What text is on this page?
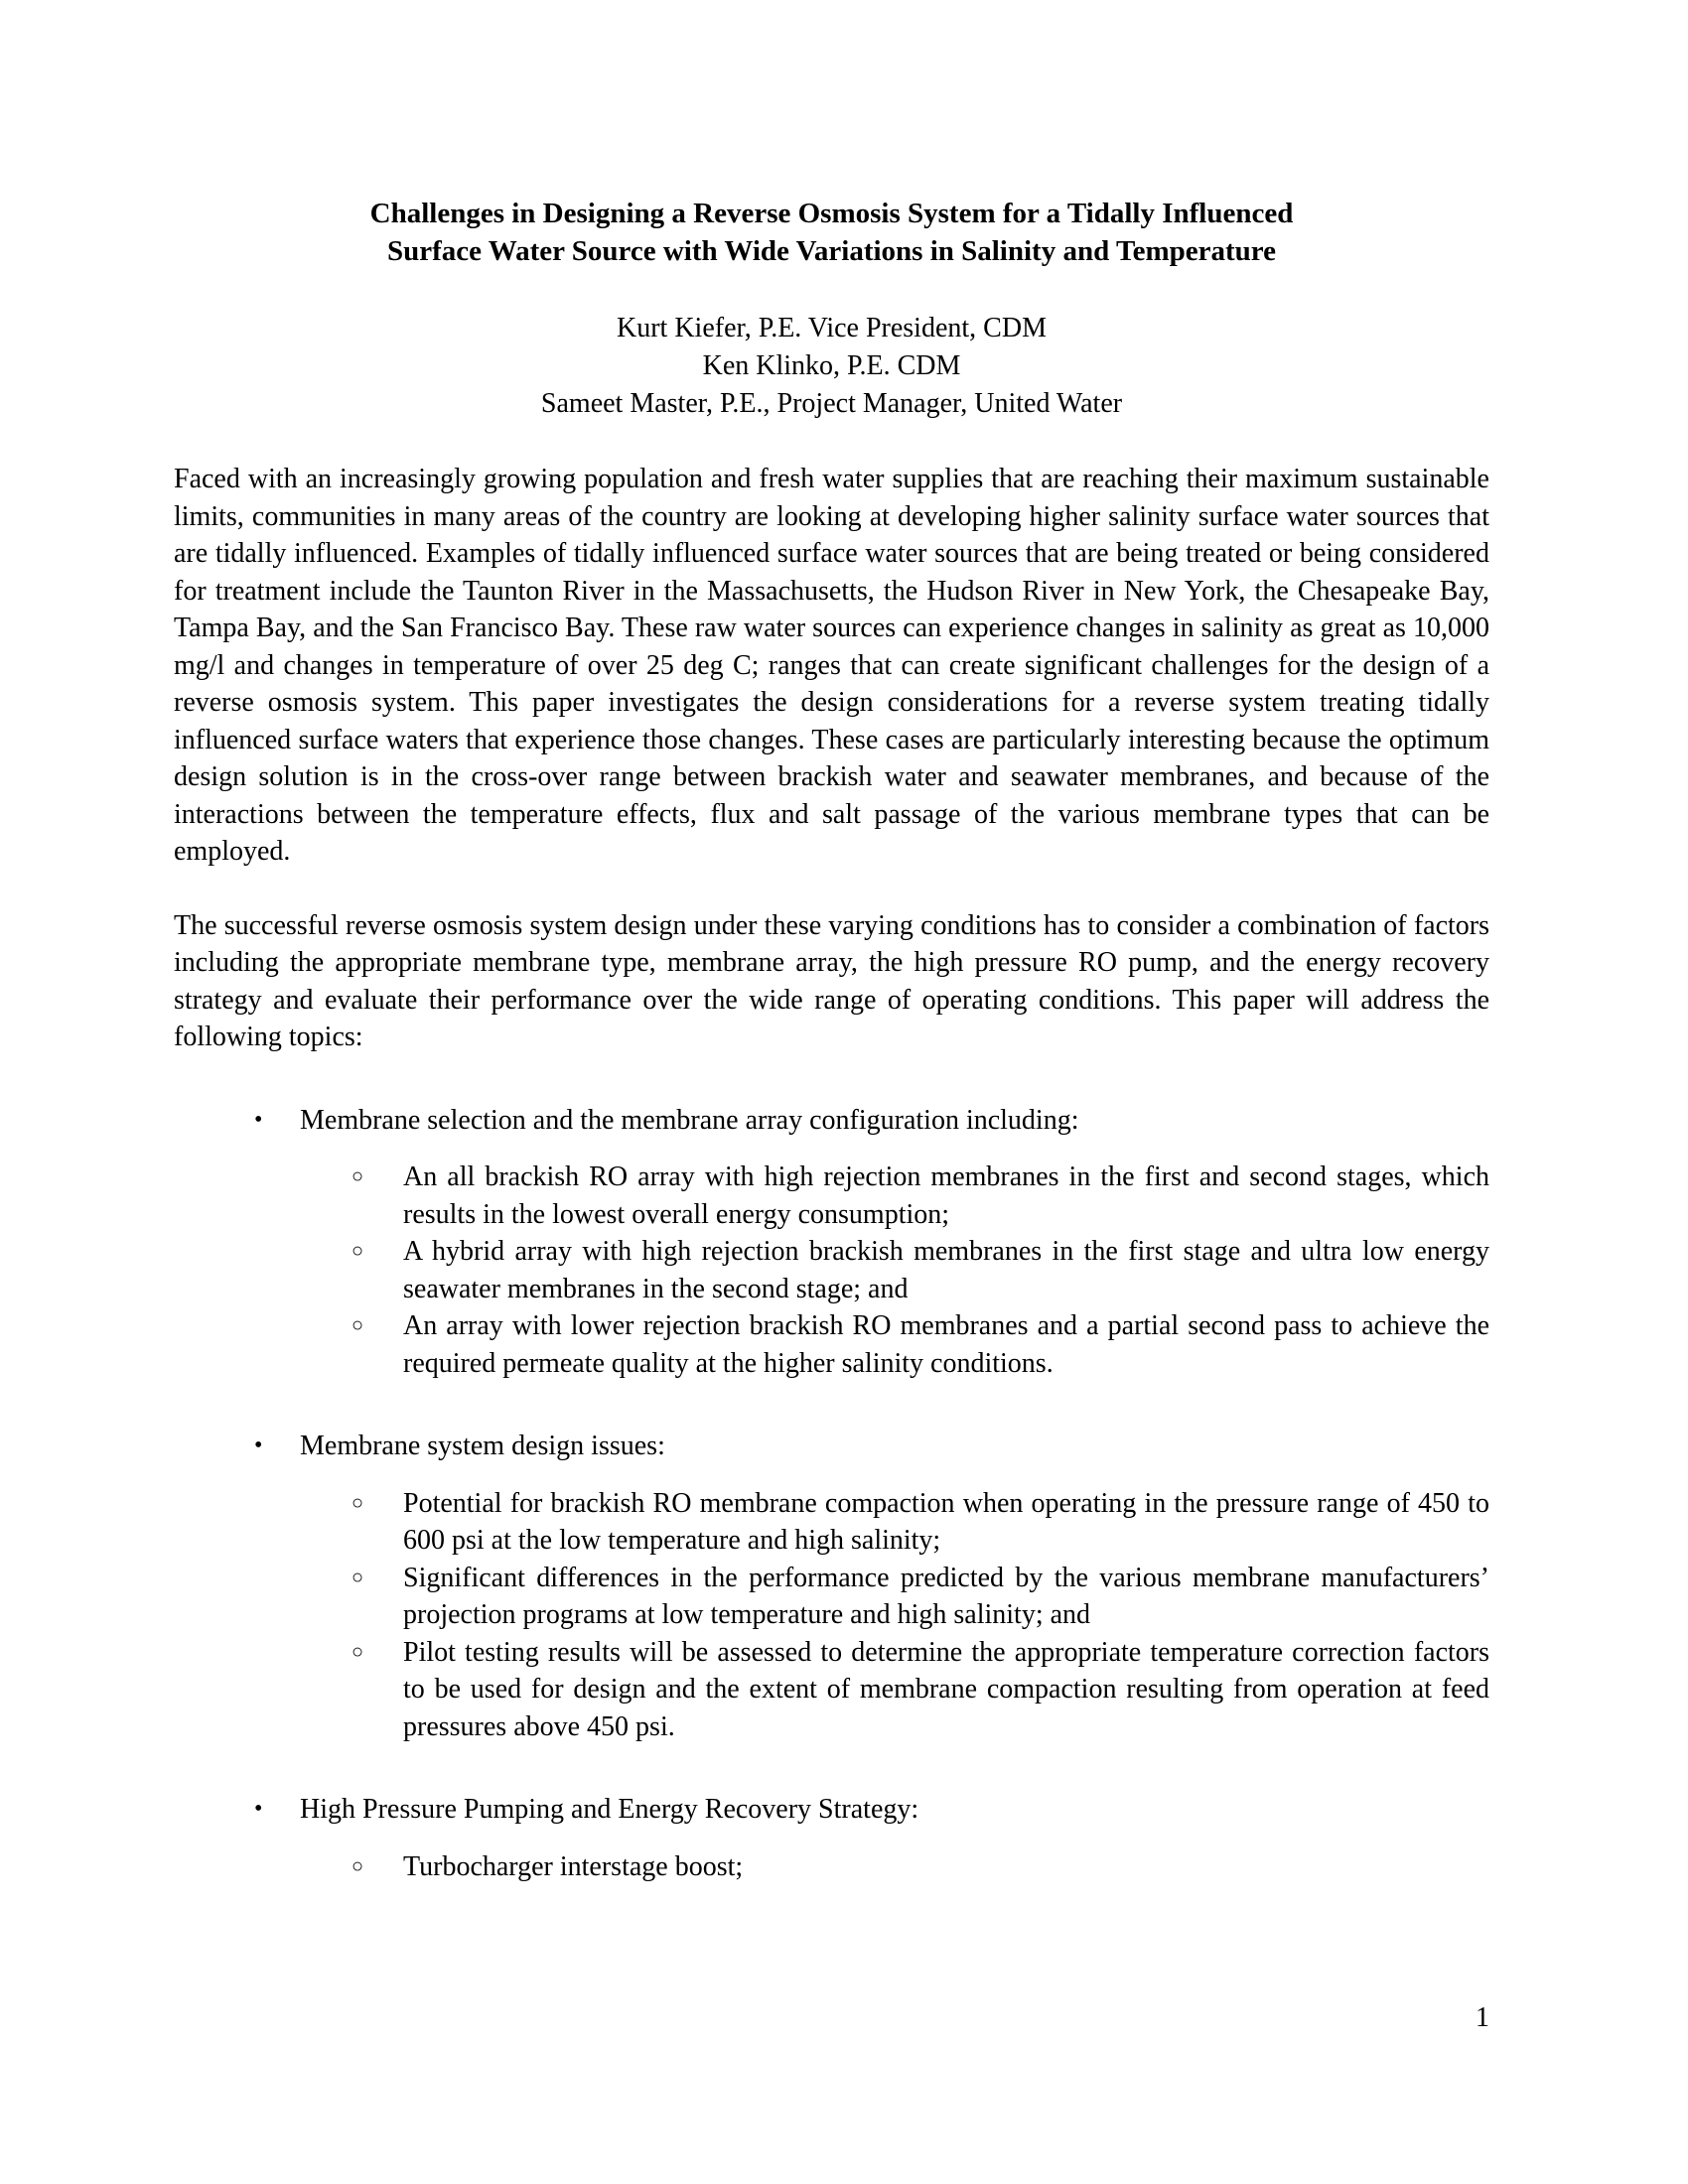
Challenges in Designing a Reverse Osmosis System for a Tidally Influenced
Surface Water Source with Wide Variations in Salinity and Temperature
Kurt Kiefer, P.E. Vice President, CDM
Ken Klinko, P.E. CDM
Sameet Master, P.E., Project Manager, United Water

Faced with an increasingly growing population and fresh water supplies that are reaching their maximum sustainable limits, communities in many areas of the country are looking at developing higher salinity surface water sources that are tidally influenced. Examples of tidally influenced surface water sources that are being treated or being considered for treatment include the Taunton River in the Massachusetts, the Hudson River in New York, the Chesapeake Bay, Tampa Bay, and the San Francisco Bay. These raw water sources can experience changes in salinity as great as 10,000 mg/l and changes in temperature of over 25 deg C; ranges that can create significant challenges for the design of a reverse osmosis system. This paper investigates the design considerations for a reverse system treating tidally influenced surface waters that experience those changes. These cases are particularly interesting because the optimum design solution is in the cross-over range between brackish water and seawater membranes, and because of the interactions between the temperature effects, flux and salt passage of the various membrane types that can be employed.

The successful reverse osmosis system design under these varying conditions has to consider a combination of factors including the appropriate membrane type, membrane array, the high pressure RO pump, and the energy recovery strategy and evaluate their performance over the wide range of operating conditions. This paper will address the following topics:

•	Membrane selection and the membrane array configuration including:
○	An all brackish RO array with high rejection membranes in the first and second stages, which results in the lowest overall energy consumption;
○	A hybrid array with high rejection brackish membranes in the first stage and ultra low energy seawater membranes in the second stage; and
○	An array with lower rejection brackish RO membranes and a partial second pass to achieve the required permeate quality at the higher salinity conditions.
•	Membrane system design issues:
○	Potential for brackish RO membrane compaction when operating in the pressure range of 450 to 600 psi at the low temperature and high salinity;
○	Significant differences in the performance predicted by the various membrane manufacturers’ projection programs at low temperature and high salinity; and
○	Pilot testing results will be assessed to determine the appropriate temperature correction factors to be used for design and the extent of membrane compaction resulting from operation at feed pressures above 450 psi.
•	High Pressure Pumping and Energy Recovery Strategy:
○	Turbocharger interstage boost;
1
